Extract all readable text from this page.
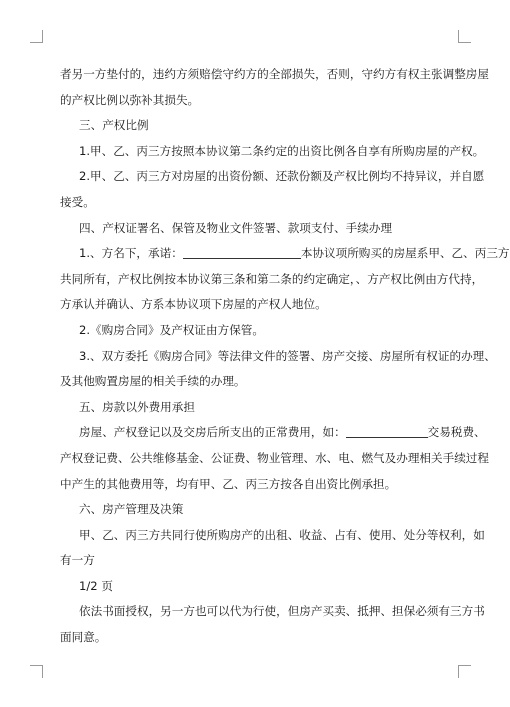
者另一方垫付的，违约方须赔偿守约方的全部损失，否则，守约方有权主张调整房屋
的产权比例以弥补其损失。
三、产权比例
1.甲、乙、丙三方按照本协议第二条约定的出资比例各自享有所购房屋的产权。
2.甲、乙、丙三方对房屋的出资份额、还款份额及产权比例均不持异议，并自愿
接受。
四、产权证署名、保管及物业文件签署、款项支付、手续办理
1.、方名下，承诺：	本协议项所购买的房屋系甲、乙、丙三方
共同所有，产权比例按本协议第三条和第二条的约定确定，、方产权比例由方代持，
方承认并确认、方系本协议项下房屋的产权人地位。
2.《购房合同》及产权证由方保管。
3.、双方委托《购房合同》等法律文件的签署、房产交接、房屋所有权证的办理、
及其他购置房屋的相关手续的办理。
五、房款以外费用承担
房屋、产权登记以及交房后所支出的正常费用，如：	交易税费、
产权登记费、公共维修基金、公证费、物业管理、水、电、燃气及办理相关手续过程
中产生的其他费用等，均有甲、乙、丙三方按各自出资比例承担。
六、房产管理及决策
甲、乙、丙三方共同行使所购房产的出租、收益、占有、使用、处分等权利，如
有一方
1/2 页
依法书面授权，另一方也可以代为行使，但房产买卖、抵押、担保必须有三方书
面同意。
